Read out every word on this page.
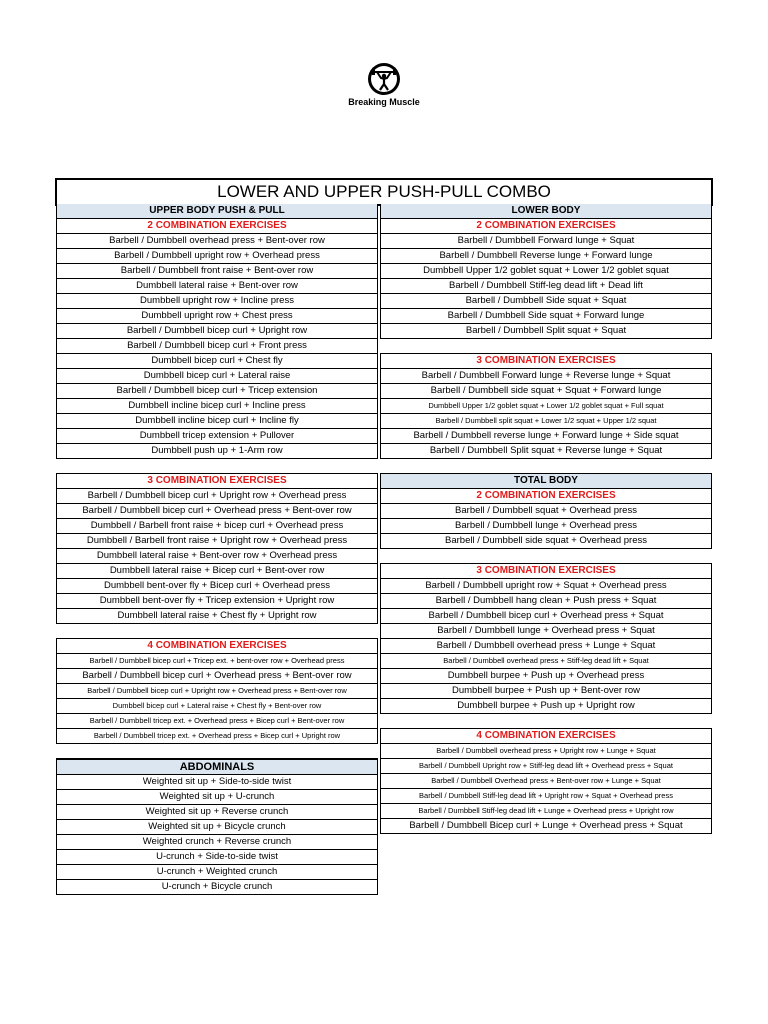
Breaking Muscle
LOWER AND UPPER PUSH-PULL COMBO
UPPER BODY PUSH & PULL
2 COMBINATION EXERCISES
Barbell / Dumbbell overhead press + Bent-over row
Barbell / Dumbbell upright row + Overhead press
Barbell / Dumbbell front raise + Bent-over row
Dumbbell lateral raise + Bent-over row
Dumbbell upright row + Incline press
Dumbbell upright row + Chest press
Barbell / Dumbbell bicep curl + Upright row
Barbell / Dumbbell bicep curl + Front press
Dumbbell bicep curl + Chest fly
Dumbbell bicep curl + Lateral raise
Barbell / Dumbbell bicep curl + Tricep extension
Dumbbell incline bicep curl + Incline press
Dumbbell incline bicep curl + Incline fly
Dumbbell tricep extension + Pullover
Dumbbell push up + 1-Arm row
3 COMBINATION EXERCISES
Barbell / Dumbbell bicep curl + Upright row + Overhead press
Barbell / Dumbbell bicep curl + Overhead press + Bent-over row
Dumbbell / Barbell front raise + bicep curl + Overhead press
Dumbbell / Barbell front raise + Upright row + Overhead press
Dumbbell lateral raise + Bent-over row + Overhead press
Dumbbell lateral raise + Bicep curl + Bent-over row
Dumbbell bent-over fly + Bicep curl + Overhead press
Dumbbell bent-over fly + Tricep extension + Upright row
Dumbbell lateral raise + Chest fly + Upright row
4 COMBINATION EXERCISES
Barbell / Dumbbell bicep curl + Tricep ext. + bent-over row + Overhead press
Barbell / Dumbbell bicep curl + Overhead press + Bent-over row
Barbell / Dumbbell bicep curl + Upright row + Overhead press + Bent-over row
Dumbbell bicep curl + Lateral raise + Chest fly + Bent-over row
Barbell / Dumbbell tricep ext. + Overhead press + Bicep curl + Bent-over row
Barbell / Dumbbell tricep ext. + Overhead press + Bicep curl + Upright row
ABDOMINALS
Weighted sit up + Side-to-side twist
Weighted sit up + U-crunch
Weighted sit up + Reverse crunch
Weighted sit up + Bicycle crunch
Weighted crunch + Reverse crunch
U-crunch + Side-to-side twist
U-crunch + Weighted crunch
U-crunch + Bicycle crunch
LOWER BODY
2 COMBINATION EXERCISES
Barbell / Dumbbell Forward lunge + Squat
Barbell / Dumbbell Reverse lunge + Forward lunge
Dumbbell Upper 1/2 goblet squat + Lower 1/2 goblet squat
Barbell / Dumbbell Stiff-leg dead lift + Dead lift
Barbell / Dumbbell Side squat + Squat
Barbell / Dumbbell Side squat + Forward lunge
Barbell / Dumbbell Split squat + Squat
3 COMBINATION EXERCISES
Barbell / Dumbbell Forward lunge + Reverse lunge + Squat
Barbell / Dumbbell side squat + Squat + Forward lunge
Dumbbell Upper 1/2 goblet squat + Lower 1/2 goblet squat + Full squat
Barbell / Dumbbell split squat + Lower 1/2 squat + Upper 1/2 squat
Barbell / Dumbbell reverse lunge + Forward lunge + Side squat
Barbell / Dumbbell Split squat + Reverse lunge + Squat
TOTAL BODY
2 COMBINATION EXERCISES
Barbell / Dumbbell squat + Overhead press
Barbell / Dumbbell lunge + Overhead press
Barbell / Dumbbell side squat + Overhead press
3 COMBINATION EXERCISES
Barbell / Dumbbell upright row + Squat + Overhead press
Barbell / Dumbbell hang clean + Push press + Squat
Barbell / Dumbbell bicep curl + Overhead press + Squat
Barbell / Dumbbell lunge + Overhead press + Squat
Barbell / Dumbbell overhead press + Lunge + Squat
Barbell / Dumbbell overhead press + Stiff-leg dead lift + Squat
Dumbbell burpee + Push up + Overhead press
Dumbbell burpee + Push up + Bent-over row
Dumbbell burpee + Push up + Upright row
4 COMBINATION EXERCISES
Barbell / Dumbbell overhead press + Upright row + Lunge + Squat
Barbell / Dumbbell Upright row + Stiff-leg dead lift + Overhead press + Squat
Barbell / Dumbbell Overhead press + Bent-over row + Lunge + Squat
Barbell / Dumbbell Stiff-leg dead lift + Upright row + Squat + Overhead press
Barbell / Dumbbell Stiff-leg dead lift + Lunge + Overhead press + Upright row
Barbell / Dumbbell Bicep curl + Lunge + Overhead press + Squat
